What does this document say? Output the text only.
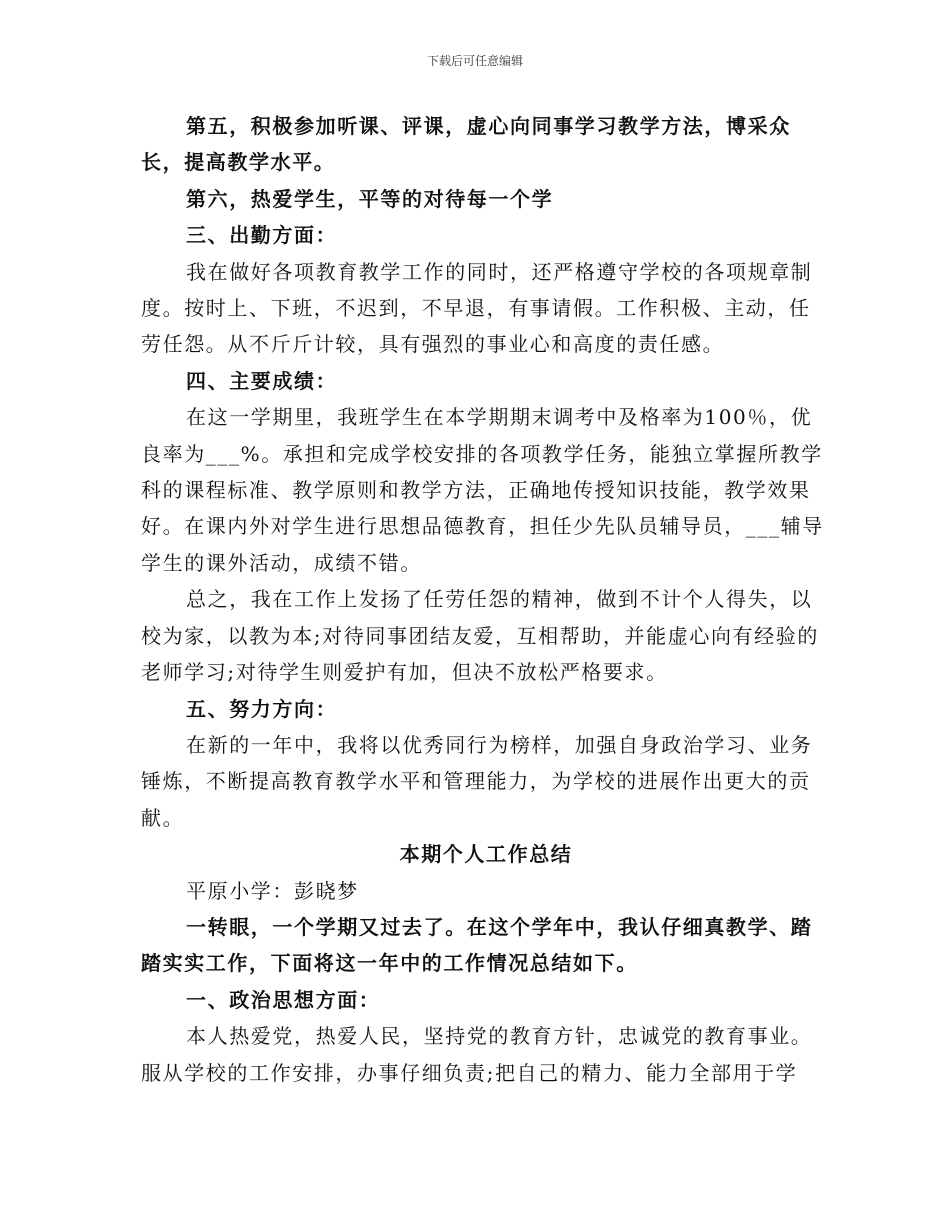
下载后可任意编辑

第五，积极参加听课、评课，虚心向同事学习教学方法，博采众长，提高教学水平。

第六，热爱学生，平等的对待每一个学

三、出勤方面：

我在做好各项教育教学工作的同时，还严格遵守学校的各项规章制度。按时上、下班，不迟到，不早退，有事请假。工作积极、主动，任劳任怨。从不斤斤计较，具有强烈的事业心和高度的责任感。

四、主要成绩：

在这一学期里，我班学生在本学期期末调考中及格率为100％，优良率为___%。承担和完成学校安排的各项教学任务，能独立掌握所教学科的课程标准、教学原则和教学方法，正确地传授知识技能，教学效果好。在课内外对学生进行思想品德教育，担任少先队员辅导员，___辅导学生的课外活动，成绩不错。

总之，我在工作上发扬了任劳任怨的精神，做到不计个人得失，以校为家，以教为本;对待同事团结友爱，互相帮助，并能虚心向有经验的老师学习;对待学生则爱护有加，但决不放松严格要求。

五、努力方向：

在新的一年中，我将以优秀同行为榜样，加强自身政治学习、业务锤炼，不断提高教育教学水平和管理能力，为学校的进展作出更大的贡献。

本期个人工作总结

平原小学：彭晓梦

一转眼，一个学期又过去了。在这个学年中，我认仔细真教学、踏踏实实工作，下面将这一年中的工作情况总结如下。

一、政治思想方面：

本人热爱党，热爱人民，坚持党的教育方针，忠诚党的教育事业。服从学校的工作安排，办事仔细负责;把自己的精力、能力全部用于学
